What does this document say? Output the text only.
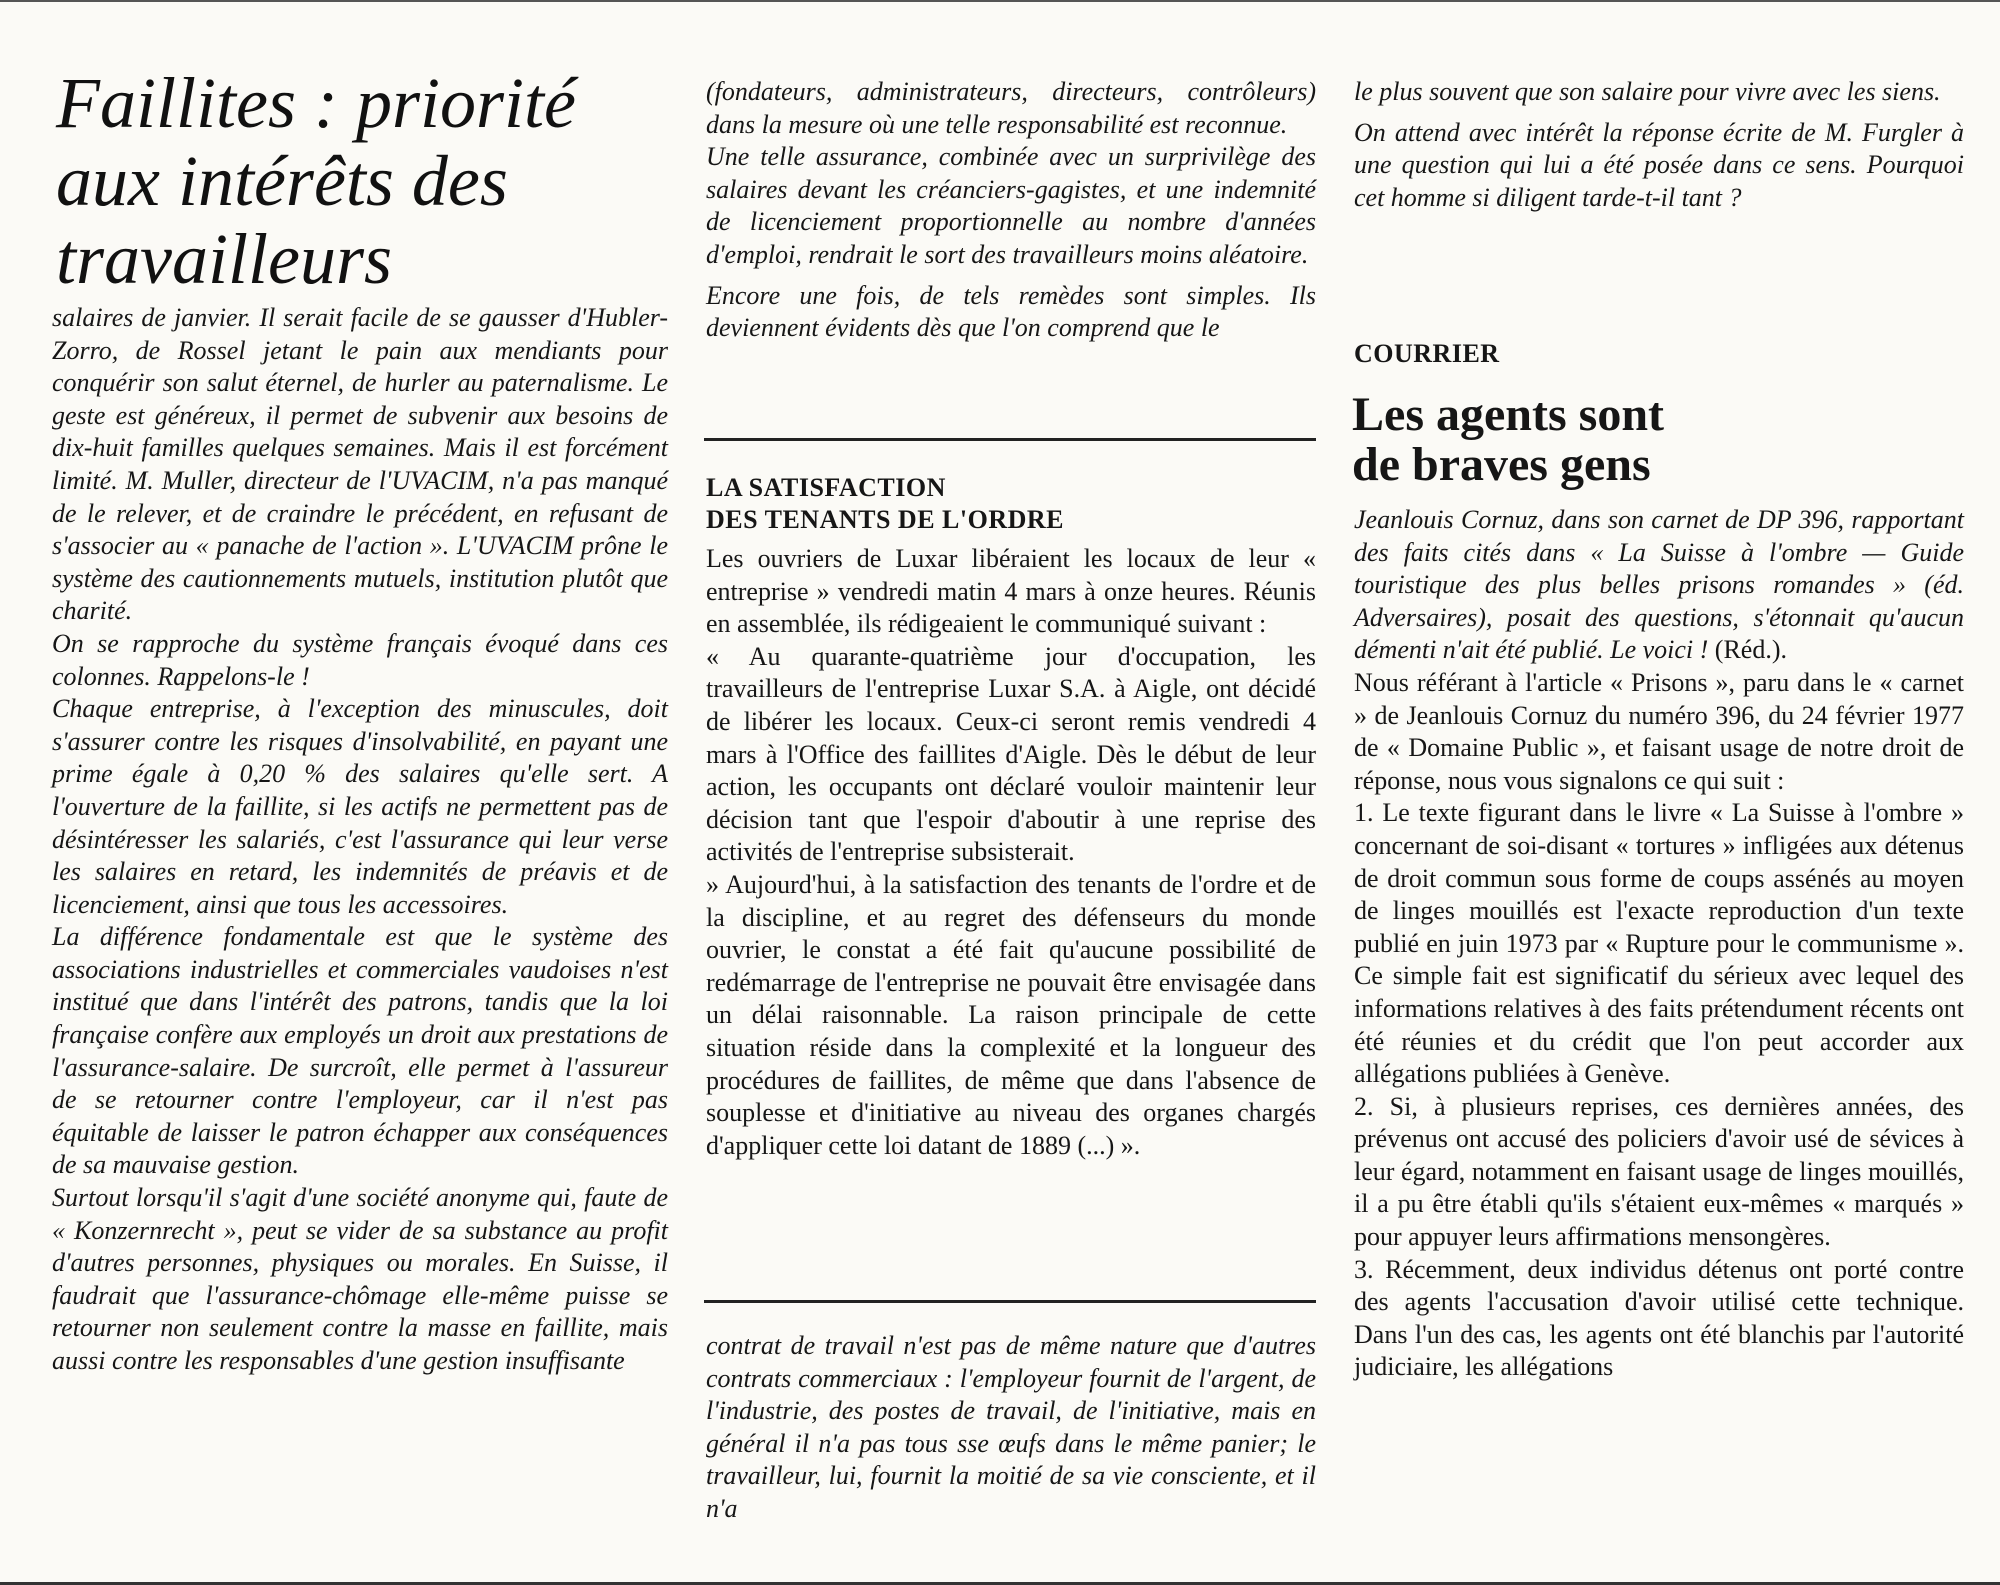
Faillites : priorité aux intérêts des travailleurs

salaires de janvier. Il serait facile de se gausser d'Hubler-Zorro, de Rossel jetant le pain aux mendiants pour conquérir son salut éternel, de hurler au paternalisme. Le geste est généreux, il permet de subvenir aux besoins de dix-huit familles quelques semaines. Mais il est forcément limité. M. Muller, directeur de l'UVACIM, n'a pas manqué de le relever, et de craindre le précédent, en refusant de s'associer au « panache de l'action ». L'UVACIM prône le système des cautionnements mutuels, institution plutôt que charité.

On se rapproche du système français évoqué dans ces colonnes. Rappelons-le !

Chaque entreprise, à l'exception des minuscules, doit s'assurer contre les risques d'insolvabilité, en payant une prime égale à 0,20 % des salaires qu'elle sert. A l'ouverture de la faillite, si les actifs ne permettent pas de désintéresser les salariés, c'est l'assurance qui leur verse les salaires en retard, les indemnités de préavis et de licenciement, ainsi que tous les accessoires.

La différence fondamentale est que le système des associations industrielles et commerciales vaudoises n'est institué que dans l'intérêt des patrons, tandis que la loi française confère aux employés un droit aux prestations de l'assurance-salaire. De surcroît, elle permet à l'assureur de se retourner contre l'employeur, car il n'est pas équitable de laisser le patron échapper aux conséquences de sa mauvaise gestion.

Surtout lorsqu'il s'agit d'une société anonyme qui, faute de « Konzernrecht », peut se vider de sa substance au profit d'autres personnes, physiques ou morales. En Suisse, il faudrait que l'assurance-chômage elle-même puisse se retourner non seulement contre la masse en faillite, mais aussi contre les responsables d'une gestion insuffisante

(fondateurs, administrateurs, directeurs, contrôleurs) dans la mesure où une telle responsabilité est reconnue.

Une telle assurance, combinée avec un surprivilège des salaires devant les créanciers-gagistes, et une indemnité de licenciement proportionnelle au nombre d'années d'emploi, rendrait le sort des travailleurs moins aléatoire.

Encore une fois, de tels remèdes sont simples. Ils deviennent évidents dès que l'on comprend que le

LA SATISFACTION
DES TENANTS DE L'ORDRE

Les ouvriers de Luxar libéraient les locaux de leur « entreprise » vendredi matin 4 mars à onze heures. Réunis en assemblée, ils rédigeaient le communiqué suivant :

« Au quarante-quatrième jour d'occupation, les travailleurs de l'entreprise Luxar S.A. à Aigle, ont décidé de libérer les locaux. Ceux-ci seront remis vendredi 4 mars à l'Office des faillites d'Aigle. Dès le début de leur action, les occupants ont déclaré vouloir maintenir leur décision tant que l'espoir d'aboutir à une reprise des activités de l'entreprise subsisterait.

» Aujourd'hui, à la satisfaction des tenants de l'ordre et de la discipline, et au regret des défenseurs du monde ouvrier, le constat a été fait qu'aucune possibilité de redémarrage de l'entreprise ne pouvait être envisagée dans un délai raisonnable. La raison principale de cette situation réside dans la complexité et la longueur des procédures de faillites, de même que dans l'absence de souplesse et d'initiative au niveau des organes chargés d'appliquer cette loi datant de 1889 (...) ».

contrat de travail n'est pas de même nature que d'autres contrats commerciaux : l'employeur fournit de l'argent, de l'industrie, des postes de travail, de l'initiative, mais en général il n'a pas tous sse œufs dans le même panier; le travailleur, lui, fournit la moitié de sa vie consciente, et il n'a

le plus souvent que son salaire pour vivre avec les siens.

On attend avec intérêt la réponse écrite de M. Furgler à une question qui lui a été posée dans ce sens. Pourquoi cet homme si diligent tarde-t-il tant ?

COURRIER
Les agents sont
de braves gens

Jeanlouis Cornuz, dans son carnet de DP 396, rapportant des faits cités dans « La Suisse à l'ombre — Guide touristique des plus belles prisons romandes » (éd. Adversaires), posait des questions, s'étonnait qu'aucun démenti n'ait été publié. Le voici ! (Réd.).

Nous référant à l'article « Prisons », paru dans le « carnet » de Jeanlouis Cornuz du numéro 396, du 24 février 1977 de « Domaine Public », et faisant usage de notre droit de réponse, nous vous signalons ce qui suit :

1. Le texte figurant dans le livre « La Suisse à l'ombre » concernant de soi-disant « tortures » infligées aux détenus de droit commun sous forme de coups assénés au moyen de linges mouillés est l'exacte reproduction d'un texte publié en juin 1973 par « Rupture pour le communisme ». Ce simple fait est significatif du sérieux avec lequel des informations relatives à des faits prétendument récents ont été réunies et du crédit que l'on peut accorder aux allégations publiées à Genève.

2. Si, à plusieurs reprises, ces dernières années, des prévenus ont accusé des policiers d'avoir usé de sévices à leur égard, notamment en faisant usage de linges mouillés, il a pu être établi qu'ils s'étaient eux-mêmes « marqués » pour appuyer leurs affirmations mensongères.

3. Récemment, deux individus détenus ont porté contre des agents l'accusation d'avoir utilisé cette technique. Dans l'un des cas, les agents ont été blanchis par l'autorité judiciaire, les allégations
